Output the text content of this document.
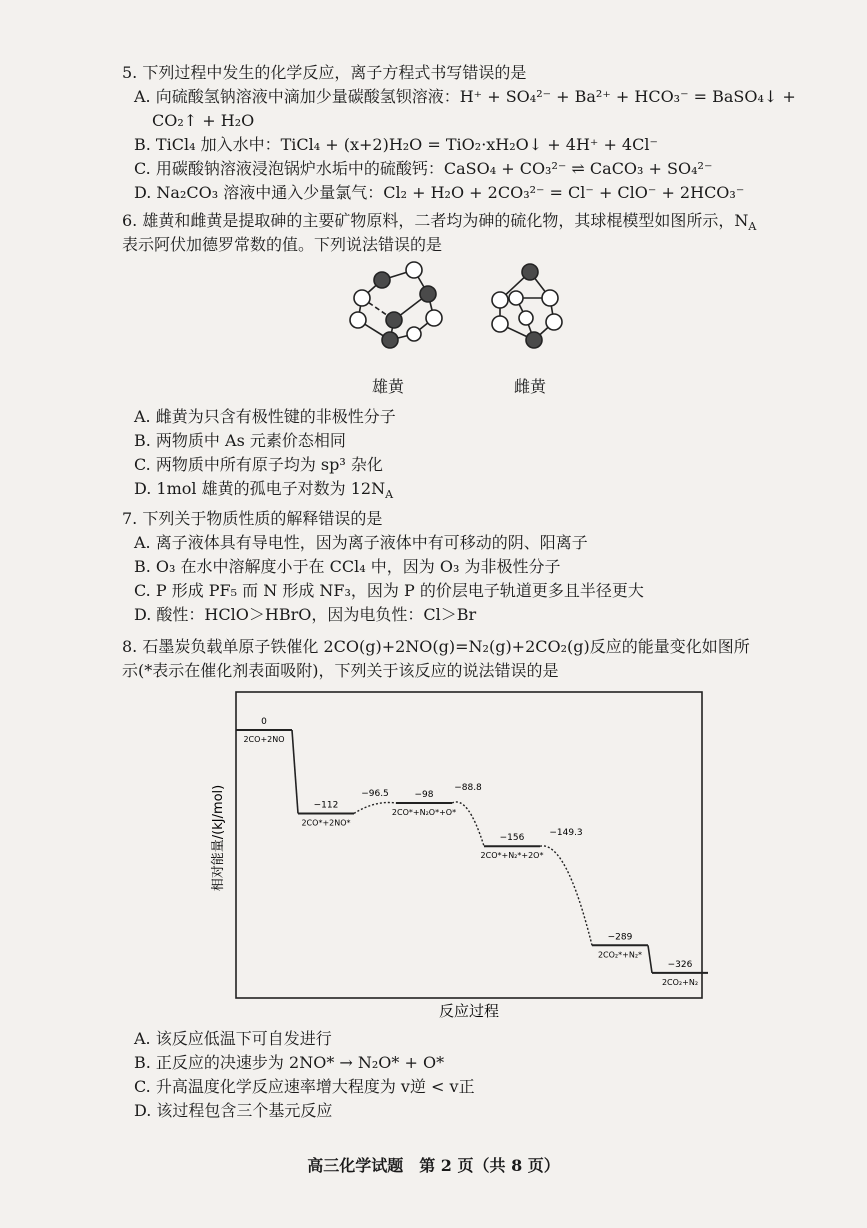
5. 下列过程中发生的化学反应，离子方程式书写错误的是
A. 向硫酸氢钠溶液中滴加少量碳酸氢钡溶液：H⁺ + SO₄²⁻ + Ba²⁺ + HCO₃⁻ = BaSO₄↓ +
CO₂↑ + H₂O
B. TiCl₄ 加入水中：TiCl₄ + (x+2)H₂O = TiO₂·xH₂O↓ + 4H⁺ + 4Cl⁻
C. 用碳酸钠溶液浸泡锅炉水垢中的硫酸钙：CaSO₄ + CO₃²⁻ ⇌ CaCO₃ + SO₄²⁻
D. Na₂CO₃ 溶液中通入少量氯气：Cl₂ + H₂O + 2CO₃²⁻ = Cl⁻ + ClO⁻ + 2HCO₃⁻
6. 雄黄和雌黄是提取砷的主要矿物原料，二者均为砷的硫化物，其球棍模型如图所示，$N_A$
表示阿伏加德罗常数的值。下列说法错误的是
雄黄	雌黄
A. 雌黄为只含有极性键的非极性分子
B. 两物质中 As 元素价态相同
C. 两物质中所有原子均为 sp³ 杂化
D. 1mol 雄黄的孤电子对数为 $12N_A$
7. 下列关于物质性质的解释错误的是
A. 离子液体具有导电性，因为离子液体中有可移动的阴、阳离子
B. O₃ 在水中溶解度小于在 CCl₄ 中，因为 O₃ 为非极性分子
C. P 形成 PF₅ 而 N 形成 NF₃，因为 P 的价层电子轨道更多且半径更大
D. 酸性：HClO＞HBrO，因为电负性：Cl＞Br
8. 石墨炭负载单原子铁催化 2CO(g)+2NO(g)=N₂(g)+2CO₂(g)反应的能量变化如图所
示(*表示在催化剂表面吸附)，下列关于该反应的说法错误的是
相对能量/(kJ/mol)
反应过程
0
2CO+2NO
−112
2CO*+2NO*
−98
2CO*+N₂O*+O*
−156
2CO*+N₂*+2O*
−289
2CO₂*+N₂*
−326
2CO₂+N₂
−96.5
−88.8
−149.3
A. 该反应低温下可自发进行
B. 正反应的决速步为 2NO* → N₂O* + O*
C. 升高温度化学反应速率增大程度为 v逆 < v正
D. 该过程包含三个基元反应
高三化学试题　第 2 页（共 8 页）
